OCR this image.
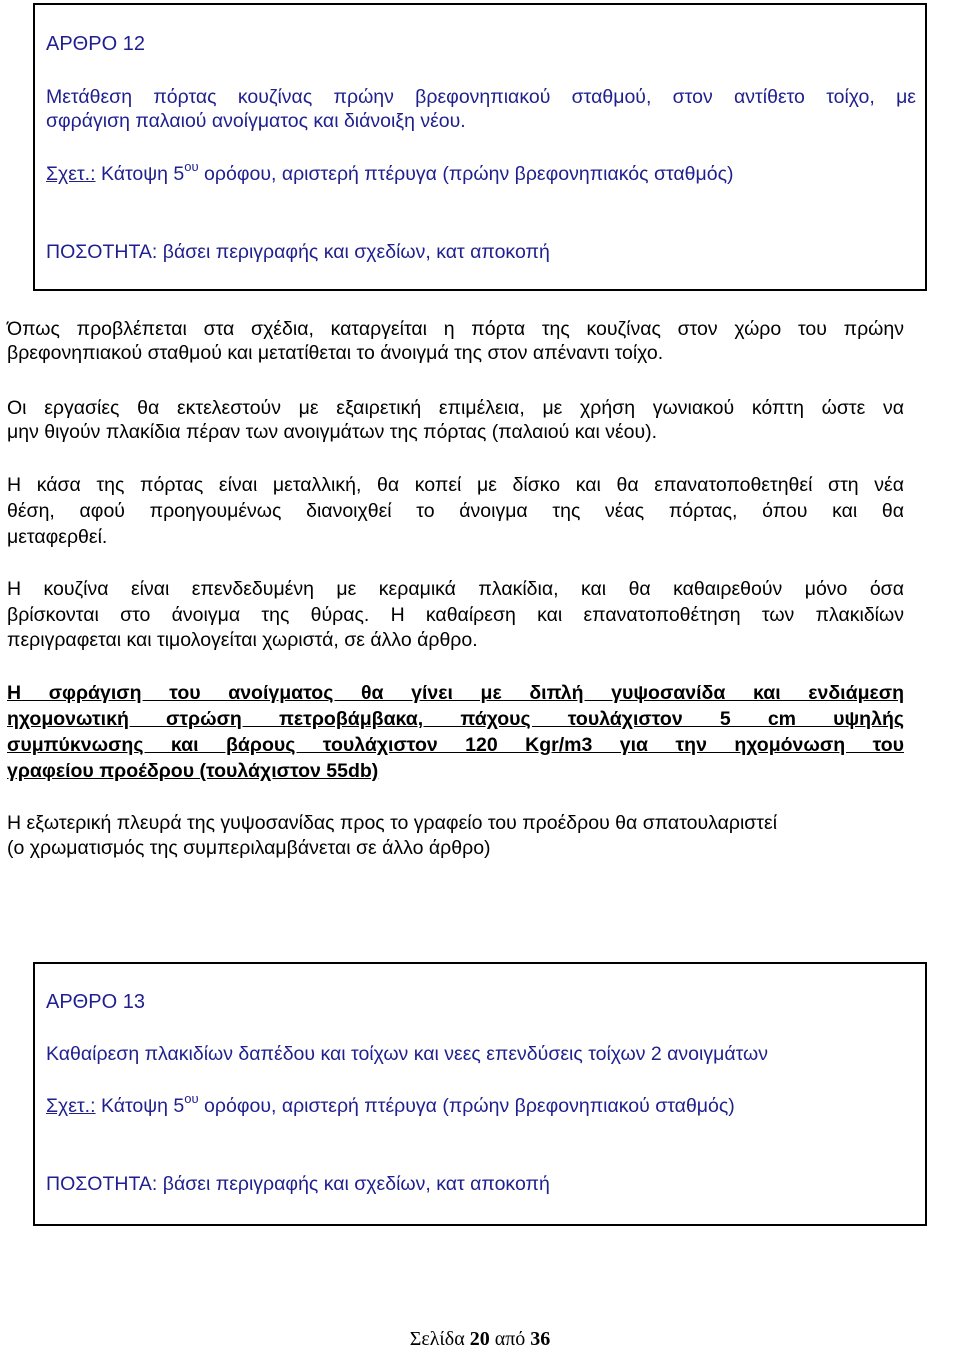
ΑΡΘΡΟ 12
Μετάθεση πόρτας κουζίνας πρώην βρεφονηπιακού σταθμού, στον αντίθετο τοίχο, με
σφράγιση παλαιού ανοίγματος και διάνοιξη νέου.
Σχετ.: Κάτοψη $5^{o\upsilon}$ ορόφου, αριστερή πτέρυγα (πρώην βρεφονηπιακός σταθμός)
ΠΟΣΟΤΗΤΑ: βάσει περιγραφής και σχεδίων, κατ αποκοπή
Όπως προβλέπεται στα σχέδια, καταργείται η πόρτα της κουζίνας στον χώρο του πρώην
βρεφονηπιακού σταθμού και μετατίθεται το άνοιγμά της στον απέναντι τοίχο.
Οι εργασίες θα εκτελεστούν με εξαιρετική επιμέλεια, με χρήση γωνιακού κόπτη ώστε να
μην θιγούν πλακίδια πέραν των ανοιγμάτων της πόρτας (παλαιού και νέου).
Η κάσα της πόρτας είναι μεταλλική, θα κοπεί με δίσκο και θα επανατοποθετηθεί στη νέα
θέση, αφού προηγουμένως διανοιχθεί το άνοιγμα της νέας πόρτας, όπου και θα
μεταφερθεί.
Η κουζίνα είναι επενδεδυμένη με κεραμικά πλακίδια, και θα καθαιρεθούν μόνο όσα
βρίσκονται στο άνοιγμα της θύρας. Η καθαίρεση και επανατοποθέτηση των πλακιδίων
περιγραφεται και τιμολογείται χωριστά, σε άλλο άρθρο.
Η σφράγιση του ανοίγματος θα γίνει με διπλή γυψοσανίδα και ενδιάμεση
ηχομονωτική στρώση πετροβάμβακα, πάχους τουλάχιστον 5 cm υψηλής
συμπύκνωσης και βάρους τουλάχιστον 120 Kgr/m3 για την ηχομόνωση του
γραφείου προέδρου (τουλάχιστον 55db)
Η εξωτερική πλευρά της γυψοσανίδας προς το γραφείο του προέδρου θα σπατουλαριστεί
(ο χρωματισμός της συμπεριλαμβάνεται σε άλλο άρθρο)
ΑΡΘΡΟ 13
Καθαίρεση πλακιδίων δαπέδου και τοίχων και νεες επενδύσεις τοίχων 2 ανοιγμάτων
Σχετ.: Κάτοψη $5^{o\upsilon}$ ορόφου, αριστερή πτέρυγα (πρώην βρεφονηπιακού σταθμός)
ΠΟΣΟΤΗΤΑ: βάσει περιγραφής και σχεδίων, κατ αποκοπή
Σελίδα 20 από 36
